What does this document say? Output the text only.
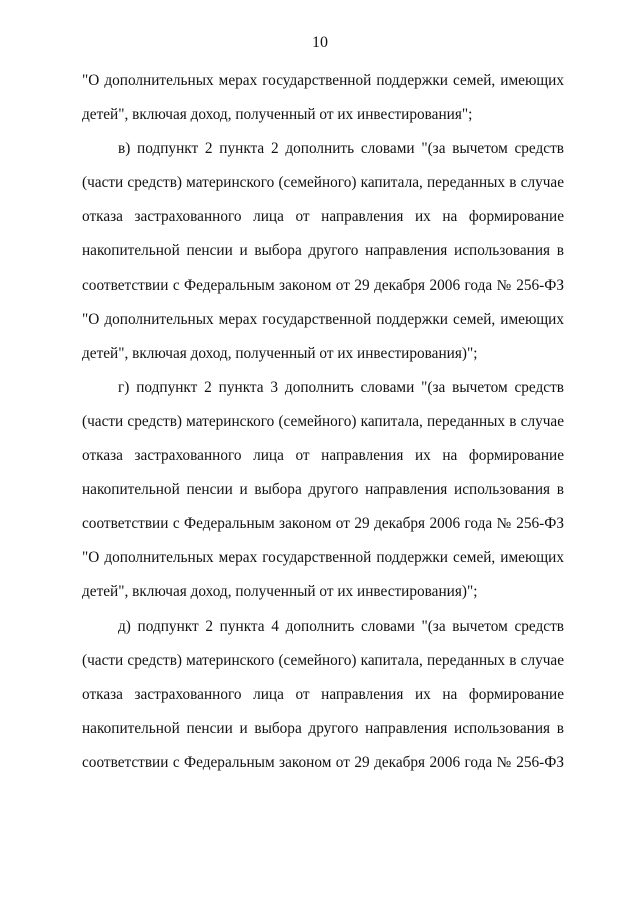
10
"О дополнительных мерах государственной поддержки семей, имеющих
детей", включая доход, полученный от их инвестирования";
в) подпункт 2 пункта 2 дополнить словами "(за вычетом средств
(части средств) материнского (семейного) капитала, переданных в случае
отказа застрахованного лица от направления их на формирование
накопительной пенсии и выбора другого направления использования в
соответствии с Федеральным законом от 29 декабря 2006 года № 256-ФЗ
"О дополнительных мерах государственной поддержки семей, имеющих
детей", включая доход, полученный от их инвестирования)";
г) подпункт 2 пункта 3 дополнить словами "(за вычетом средств
(части средств) материнского (семейного) капитала, переданных в случае
отказа застрахованного лица от направления их на формирование
накопительной пенсии и выбора другого направления использования в
соответствии с Федеральным законом от 29 декабря 2006 года № 256-ФЗ
"О дополнительных мерах государственной поддержки семей, имеющих
детей", включая доход, полученный от их инвестирования)";
д) подпункт 2 пункта 4 дополнить словами "(за вычетом средств
(части средств) материнского (семейного) капитала, переданных в случае
отказа застрахованного лица от направления их на формирование
накопительной пенсии и выбора другого направления использования в
соответствии с Федеральным законом от 29 декабря 2006 года № 256-ФЗ
